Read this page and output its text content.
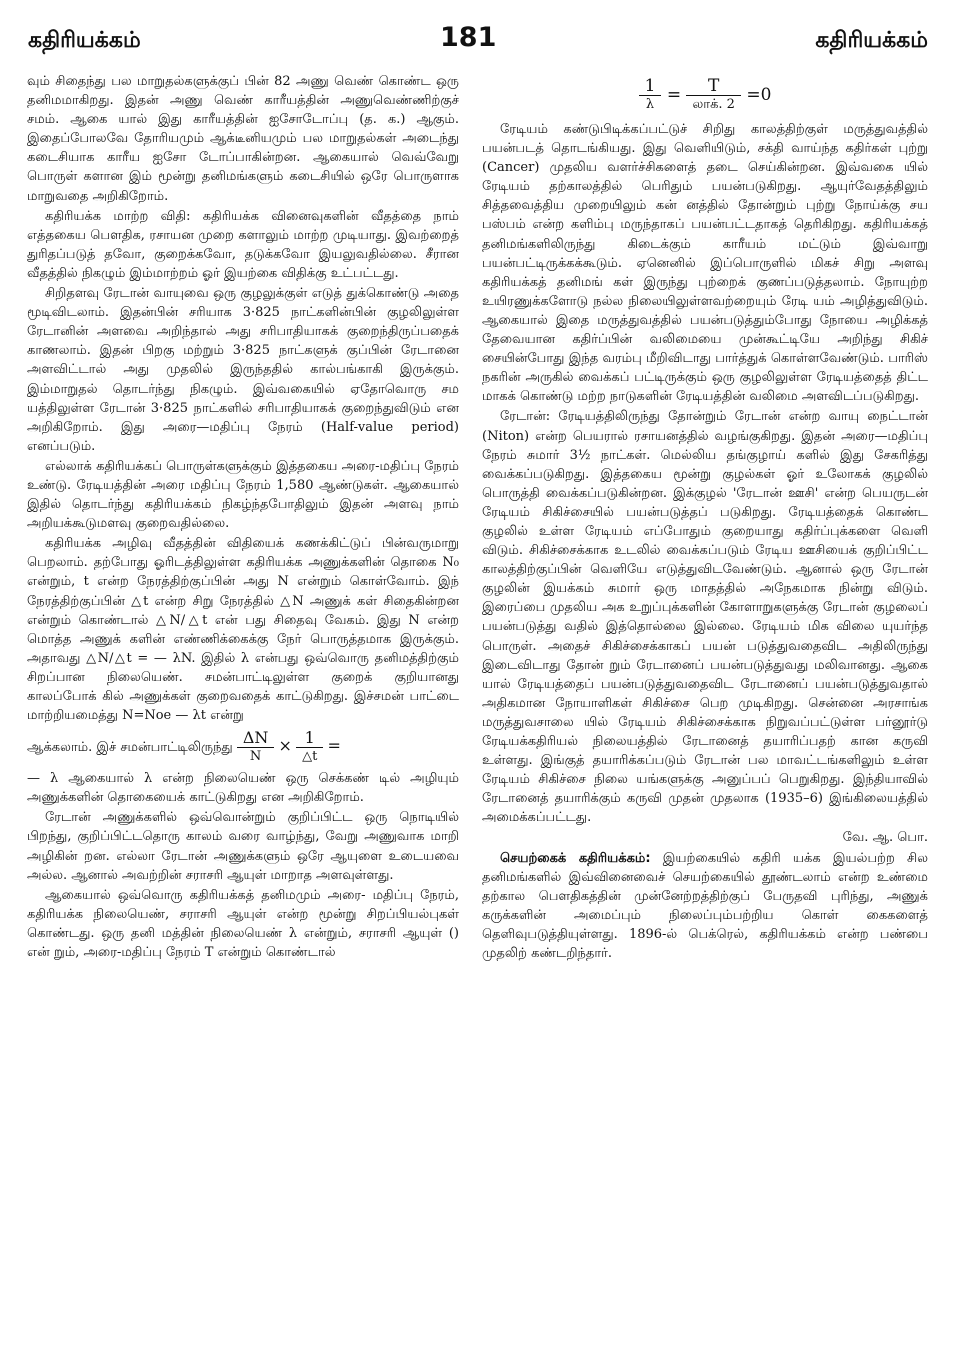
கதிரியக்கம்	181	கதிரியக்கம்

வும் சிதைந்து பல மாறுதல்களுக்குப் பின் 82 அணு வெண் கொண்ட ஒரு தனிமமாகிறது. இதன் அணு வெண் காரீயத்தின் அணுவெண்ணிற்குச் சமம். ஆகை யால் இது காரீயத்தின் ஐசோடோப்பு (த. க.) ஆகும். இதைப்போலவே தோரியமும் ஆக்டீனியமும் பல மாறுதல்கள் அடைந்து கடைசியாக காரீய ஐசோ டோப்பாகின்றன. ஆகையால் வெவ்வேறு பொருள் களான இம் மூன்று தனிமங்களும் கடைசியில் ஒரே பொருளாக மாறுவதை அறிகிறோம்.

கதிரியக்க மாற்ற விதி: கதிரியக்க வினைவுகளின் வீதத்தை நாம் எத்தகைய பௌதிக, ரசாயன முறை களாலும் மாற்ற முடியாது. இவற்றைத் துரிதப்படுத் தவோ, குறைக்கவோ, தடுக்கவோ இயலுவதில்லை. சீரான வீதத்தில் நிகழும் இம்மாற்றம் ஓர் இயற்கை விதிக்கு உட்பட்டது.

சிறிதளவு ரேடான் வாயுவை ஒரு குழலுக்குள் எடுத் துக்கொண்டு அதை மூடிவிடலாம். இதன்பின் சரியாக 3·825 நாட்களின்பின் குழலிலுள்ள ரேடானின் அளவை அறிந்தால் அது சரிபாதியாகக் குறைந்திருப்பதைக் காணலாம். இதன் பிறகு மற்றும் 3·825 நாட்களுக் குப்பின் ரேடானை அளவிட்டால் அது முதலில் இருந்ததில் கால்பங்காகி இருக்கும். இம்மாறுதல் தொடர்ந்து நிகழும். இவ்வகையில் ஏதோவொரு சம யத்திலுள்ள ரேடான் 3·825 நாட்களில் சரிபாதியாகக் குறைந்துவிடும் என அறிகிறோம். இது அரை—மதிப்பு நேரம் (Half-value period) எனப்படும்.

எல்லாக் கதிரியக்கப் பொருள்களுக்கும் இத்தகைய அரை-மதிப்பு நேரம் உண்டு. ரேடியத்தின் அரை மதிப்பு நேரம் 1,580 ஆண்டுகள். ஆகையால் இதில் தொடர்ந்து கதிரியக்கம் நிகழ்ந்தபோதிலும் இதன் அளவு நாம் அறியக்கூடுமளவு குறைவதில்லை.

கதிரியக்க அழிவு வீதத்தின் விதியைக் கணக்கிட்டுப் பின்வருமாறு பெறலாம். தற்போது ஓரிடத்திலுள்ள கதிரியக்க அணுக்களின் தொகை N₀ என்றும், t என்ற நேரத்திற்குப்பின் அது N என்றும் கொள்வோம். இந் நேரத்திற்குப்பின் △t என்ற சிறு நேரத்தில் △N அணுக் கள் சிதைகின்றன என்றும் கொண்டால் △N/△t என் பது சிதைவு வேகம். இது N என்ற மொத்த அணுக் களின் எண்ணிக்கைக்கு நேர் பொருத்தமாக இருக்கும். அதாவது △N/△t = — λN. இதில் λ என்பது ஒவ்வொரு தனிமத்திற்கும் சிறப்பான நிலையெண். சமன்பாட்டிலுள்ள குறைக் குறியானது காலப்போக் கில் அணுக்கள் குறைவதைக் காட்டுகிறது. இச்சமன் பாட்டை மாற்றியமைத்து N=Noe — λt என்று

ஆக்கலாம். இச் சமன்பாட்டிலிருந்து $\frac{\Delta N}{N} \times \frac{1}{\triangle t}$ =

— λ ஆகையால் λ என்ற நிலையெண் ஒரு செக்கண் டில் அழியும் அணுக்களின் தொகையைக் காட்டுகிறது என அறிகிறோம்.

ரேடான் அணுக்களில் ஒவ்வொன்றும் குறிப்பிட்ட ஒரு நொடியில் பிறந்து, குறிப்பிட்டதொரு காலம் வரை வாழ்ந்து, வேறு அணுவாக மாறி அழிகின் றன. எல்லா ரேடான் அணுக்களும் ஒரே ஆயுளை உடையவை அல்ல. ஆனால் அவற்றின் சராசரி ஆயுள் மாறாத அளவுள்ளது.

ஆகையால் ஒவ்வொரு கதிரியக்கத் தனிமமும் அரை- மதிப்பு நேரம், கதிரியக்க நிலையெண், சராசரி ஆயுள் என்ற மூன்று சிறப்பியல்புகள் கொண்டது. ஒரு தனி மத்தின் நிலையெண் λ என்றும், சராசரி ஆயுள் () என் றும், அரை-மதிப்பு நேரம் T என்றும் கொண்டால்

$\frac{1}{\lambda} = \frac{T}{\text{லாக். 2}} =0$

ரேடியம் கண்டுபிடிக்கப்பட்டுச் சிறிது காலத்திற்குள் மருத்துவத்தில் பயன்படத் தொடங்கியது. இது வெளியிடும், சக்தி வாய்ந்த கதிர்கள் புற்று (Cancer) முதலிய வளர்ச்சிகளைத் தடை செய்கின்றன. இவ்வகை யில் ரேடியம் தற்காலத்தில் பெரிதும் பயன்படுகிறது. ஆயுர்வேதத்திலும் சித்தவைத்திய முறையிலும் கன் னத்தில் தோன்றும் புற்று நோய்க்கு சய பஸ்பம் என்ற களிம்பு மருந்தாகப் பயன்பட்டதாகத் தெரிகிறது. கதிரியக்கத் தனிமங்களிலிருந்து கிடைக்கும் காரீயம் மட்டும் இவ்வாறு பயன்பட்டிருக்கக்கூடும். ஏனெனில் இப்பொருளில் மிகச் சிறு அளவு கதிரியக்கத் தனிமங் கள் இருந்து புற்றைக் குணப்படுத்தலாம். நோயுற்ற உயிரணுக்களோடு நல்ல நிலையிலுள்ளவற்றையும் ரேடி யம் அழித்துவிடும். ஆகையால் இதை மருத்துவத்தில் பயன்படுத்தும்போது நோயை அழிக்கத் தேவையான கதிர்ப்பின் வலிமையை முன்கூட்டியே அறிந்து சிகிச் சையின்போது இந்த வரம்பு மீறிவிடாது பார்த்துக் கொள்ளவேண்டும். பாரிஸ் நகரின் அருகில் வைக்கப் பட்டிருக்கும் ஒரு குழலிலுள்ள ரேடியத்தைத் திட்ட மாகக் கொண்டு மற்ற நாடுகளின் ரேடியத்தின் வலிமை அளவிடப்படுகிறது.

ரேடான்: ரேடியத்திலிருந்து தோன்றும் ரேடான் என்ற வாயு நைட்டான் (Niton) என்ற பெயரால் ரசாயனத்தில் வழங்குகிறது. இதன் அரை—மதிப்பு நேரம் சுமார் 3½ நாட்கள். மெல்லிய தங்குழாய் களில் இது சேகரித்து வைக்கப்படுகிறது. இத்தகைய மூன்று குழல்கள் ஓர் உலோகக் குழலில் பொருத்தி வைக்கப்படுகின்றன. இக்குழல் 'ரேடான் ஊசி' என்ற பெயருடன் ரேடியம் சிகிச்சையில் பயன்படுத்தப் படுகிறது. ரேடியத்தைக் கொண்ட குழலில் உள்ள ரேடியம் எப்போதும் குறையாது கதிர்ப்புக்களை வெளி விடும். சிகிச்சைக்காக உடலில் வைக்கப்படும் ரேடிய ஊசியைக் குறிப்பிட்ட காலத்திற்குப்பின் வெளியே எடுத்துவிடவேண்டும். ஆனால் ஒரு ரேடான் குழலின் இயக்கம் சுமார் ஒரு மாதத்தில் அநேகமாக நின்று விடும். இரைப்பை முதலிய அக உறுப்புக்களின் கோளாறுகளுக்கு ரேடான் குழலைப் பயன்படுத்து வதில் இத்தொல்லை இல்லை. ரேடியம் மிக விலை யுயர்ந்த பொருள். அதைச் சிகிச்சைக்காகப் பயன் படுத்துவதைவிட அதிலிருந்து இடைவிடாது தோன் றும் ரேடானைப் பயன்படுத்துவது மலிவானது. ஆகை யால் ரேடியத்தைப் பயன்படுத்துவதைவிட ரேடானைப் பயன்படுத்துவதால் அதிகமான நோயாளிகள் சிகிச்சை பெற முடிகிறது. சென்னை அரசாங்க மருத்துவசாலை யில் ரேடியம் சிகிச்சைக்காக நிறுவப்பட்டுள்ள பர்னூர்டு ரேடியக்கதிரியல் நிலையத்தில் ரேடானைத் தயாரிப்பதற் கான கருவி உள்ளது. இங்குத் தயாரிக்கப்படும் ரேடான் பல மாவட்டங்களிலும் உள்ள ரேடியம் சிகிச்சை நிலை யங்களுக்கு அனுப்பப் பெறுகிறது. இந்தியாவில் ரேடானைத் தயாரிக்கும் கருவி முதன் முதலாக (1935–6) இங்கிலையத்தில் அமைக்கப்பட்டது.

வே. ஆ. பொ.

செயற்கைக் கதிரியக்கம்: இயற்கையில் கதிரி யக்க இயல்பற்ற சில தனிமங்களில் இவ்வினைவைச் செயற்கையில் தூண்டலாம் என்ற உண்மை தற்கால பௌதிகத்தின் முன்னேற்றத்திற்குப் பேருதவி புரிந்து, அணுக் கருக்களின் அமைப்பும் நிலைப்பும்பற்றிய கொள் கைகளைத் தெளிவுபடுத்தியுள்ளது. 1896-ல் பெக்ரெல், கதிரியக்கம் என்ற பண்பை முதலிற் கண்டறிந்தார்.
